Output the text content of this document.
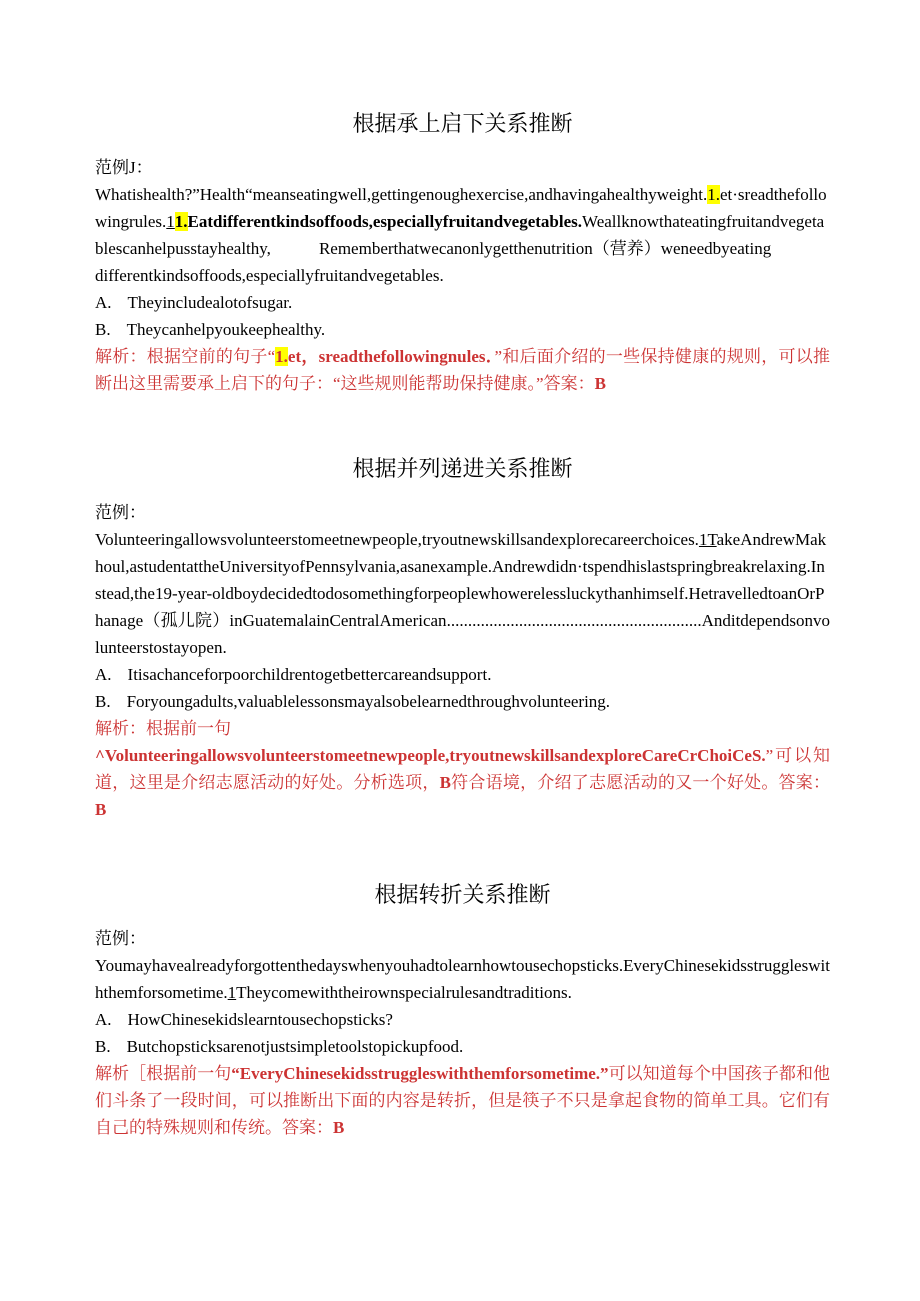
根据承上启下关系推断
范例J：
Whatishealth?”Health“meanseatingwell,gettingenoughexercise,andhavingahealthyweight.1.et·sreadthefollowingrules.11.Eatdifferentkindsoffoods,especiallyfruitandvegetables.Weallknowthateatingfruitandvegetablescanhelpusstayhealthy,	Rememberthatwecanonlygetthenutrition（营养）weneedbyeating
differentkindsoffoods,especiallyfruitandvegetables.
A. Theyincludealotofsugar.
B. Theycanhelpyoukeephealthy.
解析：根据空前的句子“1.et，sreadthefollowingnules．”和后面介绍的一些保持健康的规则，可以推断出这里需要承上启下的句子：“这些规则能帮助保持健康。”答案：B
根据并列递进关系推断
范例：
Volunteeringallowsvolunteerstomeetnewpeople,tryoutnewskillsandexplorecareerchoices.1TakeAndrewMakhoul,astudentattheUniversityofPennsylvania,asanexample.Andrewdidn·tspendhislastspringbreakrelaxing.Instead,the19-year-oldboydecidedtodosomethingforpeoplewhowerelessluckythanhimself.HetravelledtoanOrPhanage（孤儿院）inGuatemalainCentralAmerican............................................................Anditdependsonvolunteerstostayopen.
A. Itisachanceforpoorchildrentogetbettercareandsupport.
B. Foryoungadults,valuablelessonsmayalsobelearnedthroughvolunteering.
解析：根据前一句
^Volunteeringallowsvolunteerstomeetnewpeople,tryoutnewskillsandexploreCareCrChoiCeS.”可以知道，这里是介绍志愿活动的好处。分析选项，B符合语境，介绍了志愿活动的又一个好处。答案：B
根据转折关系推断
范例：
Youmayhavealreadyforgottenthedayswhenyouhadtolearnhowtousechopsticks.EveryChinesekidsstruggleswiththemforsometime.1Theycomewiththeirownspecialrulesandtraditions.
A. HowChinesekidslearntousechopsticks?
B. Butchopsticksarenotjustsimpletoolstopickupfood.
解析［根据前一句“EveryChinesekidsstruggleswiththemforsometime.”可以知道每个中国孩子都和他们斗条了一段时间，可以推断出下面的内容是转折，但是筷子不只是拿起食物的简单工具。它们有自己的特殊规则和传统。答案：B
